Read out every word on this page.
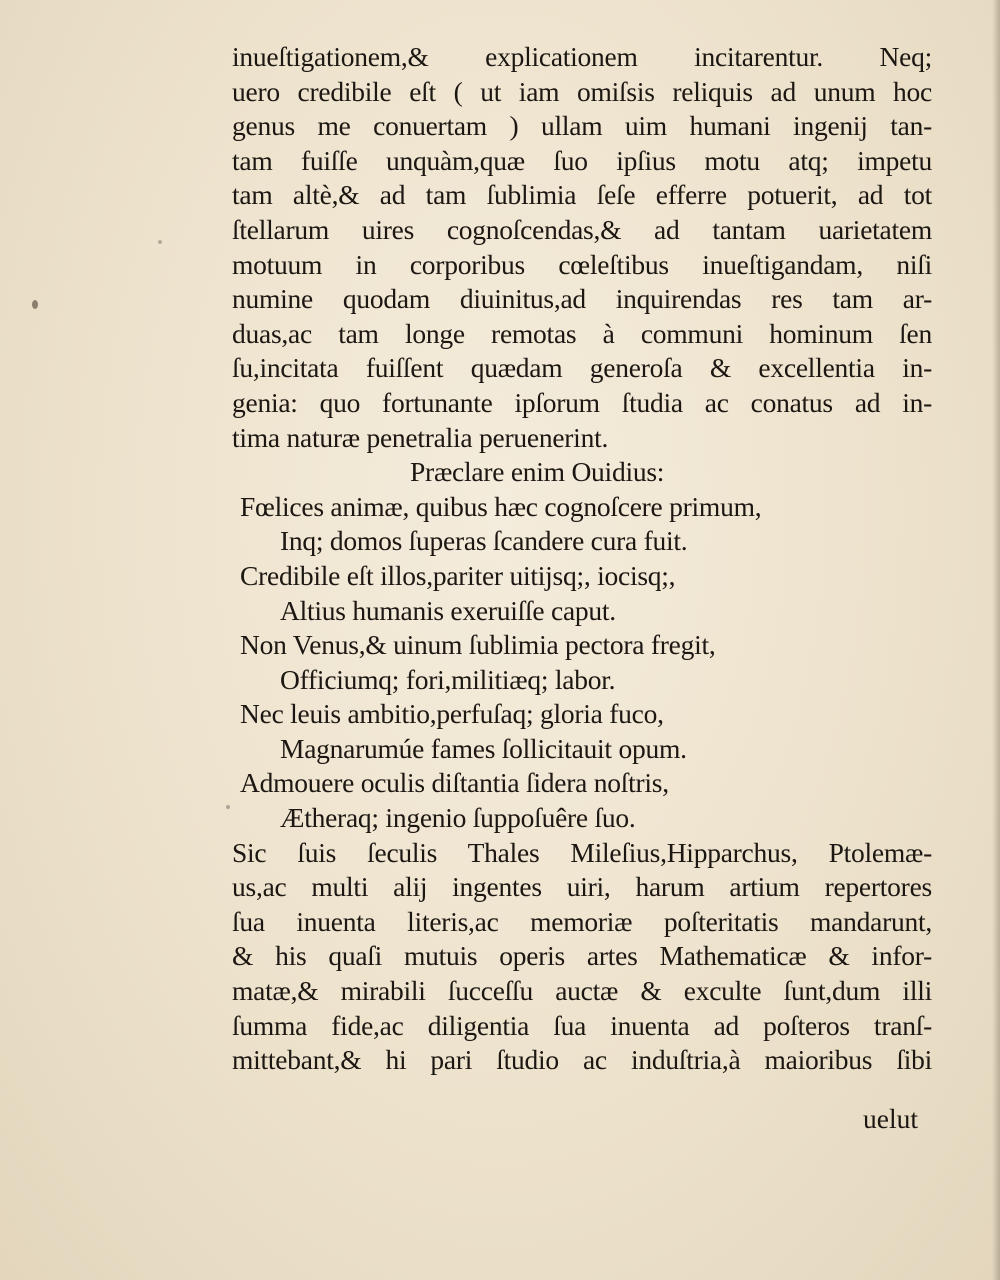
inueſtigationem,& explicationem incitarentur. Neq;
uero credibile eſt ( ut iam omiſsis reliquis ad unum hoc
genus me conuertam ) ullam uim humani ingenij tan-
tam fuiſſe unquàm,quæ ſuo ipſius motu atq; impetu
tam altè,& ad tam ſublimia ſeſe efferre potuerit, ad tot
ſtellarum uires cognoſcendas,& ad tantam uarietatem
motuum in corporibus cœleſtibus inueſtigandam, niſi
numine quodam diuinitus,ad inquirendas res tam ar-
duas,ac tam longe remotas à communi hominum ſen
ſu,incitata fuiſſent quædam generoſa & excellentia in-
genia: quo fortunante ipſorum ſtudia ac conatus ad in-
tima naturæ penetralia peruenerint.
Præclare enim Ouidius:
Fœlices animæ, quibus hæc cognoſcere primum,
Inq; domos ſuperas ſcandere cura fuit.
Credibile eſt illos,pariter uitijsq;, iocisq;,
Altius humanis exeruiſſe caput.
Non Venus,& uinum ſublimia pectora fregit,
Officiumq; fori,militiæq; labor.
Nec leuis ambitio,perfuſaq; gloria fuco,
Magnarumúe fames ſollicitauit opum.
Admouere oculis diſtantia ſidera noſtris,
Ætheraq; ingenio ſuppoſuêre ſuo.
Sic ſuis ſeculis Thales Mileſius,Hipparchus, Ptolemæ-
us,ac multi alij ingentes uiri, harum artium repertores
ſua inuenta literis,ac memoriæ poſteritatis mandarunt,
& his quaſi mutuis operis artes Mathematicæ & infor-
matæ,& mirabili ſucceſſu auctæ & exculte ſunt,dum illi
ſumma fide,ac diligentia ſua inuenta ad poſteros tranſ-
mittebant,& hi pari ſtudio ac induſtria,à maioribus ſibi
uelut
